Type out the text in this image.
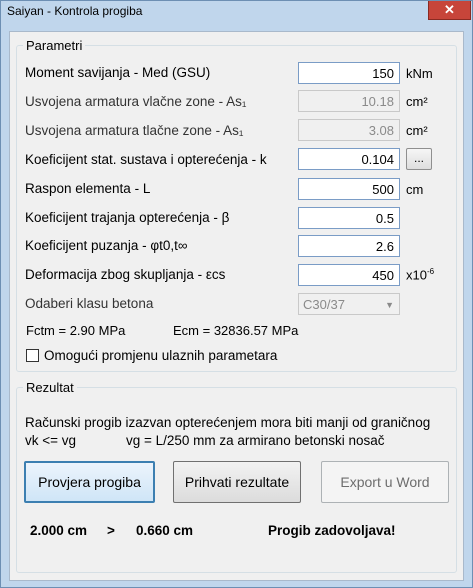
Saiyan - Kontrola progiba	✕
Parametri
Moment savijanja - Med (GSU)	150 kNm
Usvojena armatura vlačne zone - As₁	10.18 cm²
Usvojena armatura tlačne zone - As₁	3.08 cm²
Koeficijent stat. sustava i opterećenja - k	0.104	...
Raspon elementa - L	500 cm
Koeficijent trajanja opterećenja - β	0.5
Koeficijent puzanja - φt0,t∞	2.6
Deformacija zbog skupljanja - εcs	450 $x10^{-6}$
Odaberi klasu betona	C30/37	▼
Fctm = 2.90 MPa	Ecm = 32836.57 MPa
Omogući promjenu ulaznih parametara
Rezultat
Računski progib izazvan opterećenjem mora biti manji od graničnog
vk <= vg	vg = L/250 mm za armirano betonski nosač
Provjera progiba	Prihvati rezultate	Export u Word
2.000 cm > 0.660 cm	Progib zadovoljava!
